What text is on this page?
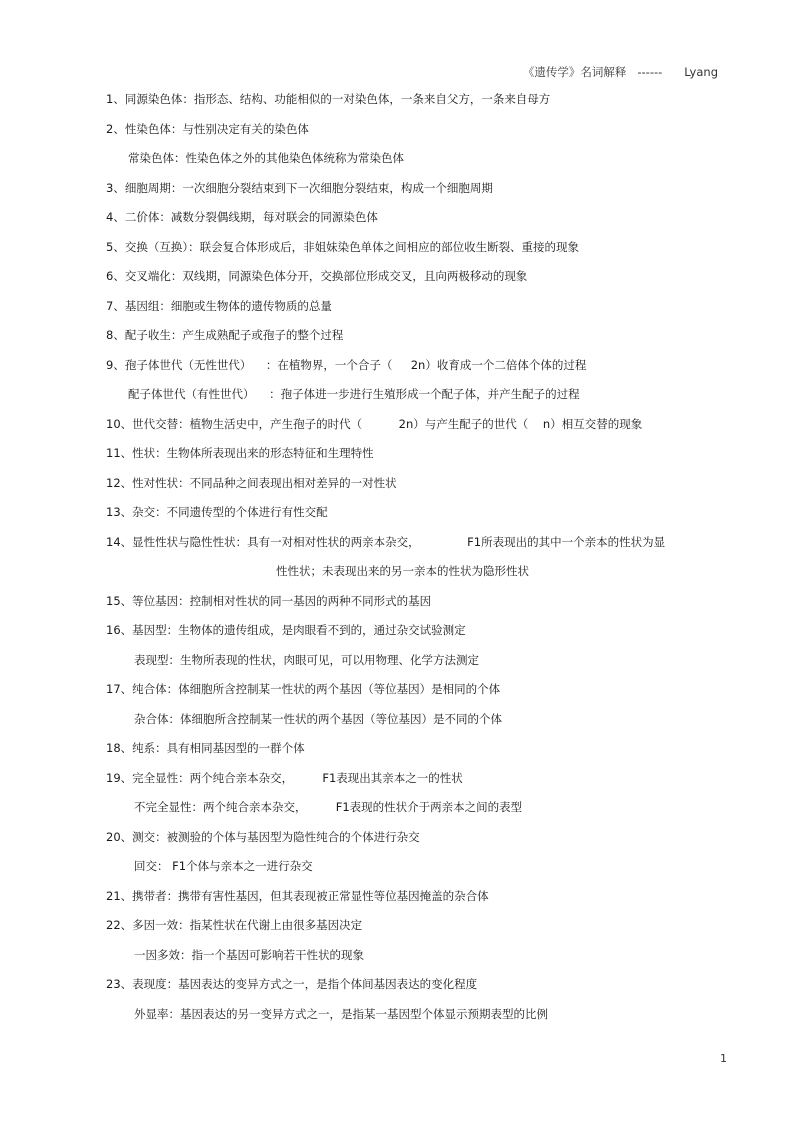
《遗传学》名词解释   ------      Lyang
1、同源染色体：指形态、结构、功能相似的一对染色体，一条来自父方，一条来自母方
2、性染色体：与性别决定有关的染色体
常染色体：性染色体之外的其他染色体统称为常染色体
3、细胞周期：一次细胞分裂结束到下一次细胞分裂结束，构成一个细胞周期
4、二价体：减数分裂偶线期，每对联会的同源染色体
5、交换（互换）：联会复合体形成后，非姐妹染色单体之间相应的部位收生断裂、重接的现象
6、交叉端化：双线期，同源染色体分开，交换部位形成交叉，且向两极移动的现象
7、基因组：细胞或生物体的遗传物质的总量
8、配子收生：产生成熟配子或孢子的整个过程
9、孢子体世代（无性世代）    ：在植物界，一个合子（     2n）收育成一个二倍体个体的过程
配子体世代（有性世代）    ：孢子体进一步进行生殖形成一个配子体，并产生配子的过程
10、世代交替：植物生活史中，产生孢子的时代（          2n）与产生配子的世代（    n）相互交替的现象
11、性状：生物体所表现出来的形态特征和生理特性
12、性对性状：不同品种之间表现出相对差异的一对性状
13、杂交：不同遗传型的个体进行有性交配
14、显性性状与隐性性状：具有一对相对性状的两亲本杂交，             F1所表现出的其中一个亲本的性状为显
性性状；未表现出来的另一亲本的性状为隐形性状
15、等位基因：控制相对性状的同一基因的两种不同形式的基因
16、基因型：生物体的遗传组成，是肉眼看不到的，通过杂交试验测定
表现型：生物所表现的性状，肉眼可见，可以用物理、化学方法测定
17、纯合体：体细胞所含控制某一性状的两个基因（等位基因）是相同的个体
杂合体：体细胞所含控制某一性状的两个基因（等位基因）是不同的个体
18、纯系：具有相同基因型的一群个体
19、完全显性：两个纯合亲本杂交，        F1表现出其亲本之一的性状
不完全显性：两个纯合亲本杂交，        F1表现的性状介于两亲本之间的表型
20、测交：被测验的个体与基因型为隐性纯合的个体进行杂交
回交： F1个体与亲本之一进行杂交
21、携带者：携带有害性基因，但其表现被正常显性等位基因掩盖的杂合体
22、多因一效：指某性状在代谢上由很多基因决定
一因多效：指一个基因可影响若干性状的现象
23、表现度：基因表达的变异方式之一，是指个体间基因表达的变化程度
外显率：基因表达的另一变异方式之一，是指某一基因型个体显示预期表型的比例
1
